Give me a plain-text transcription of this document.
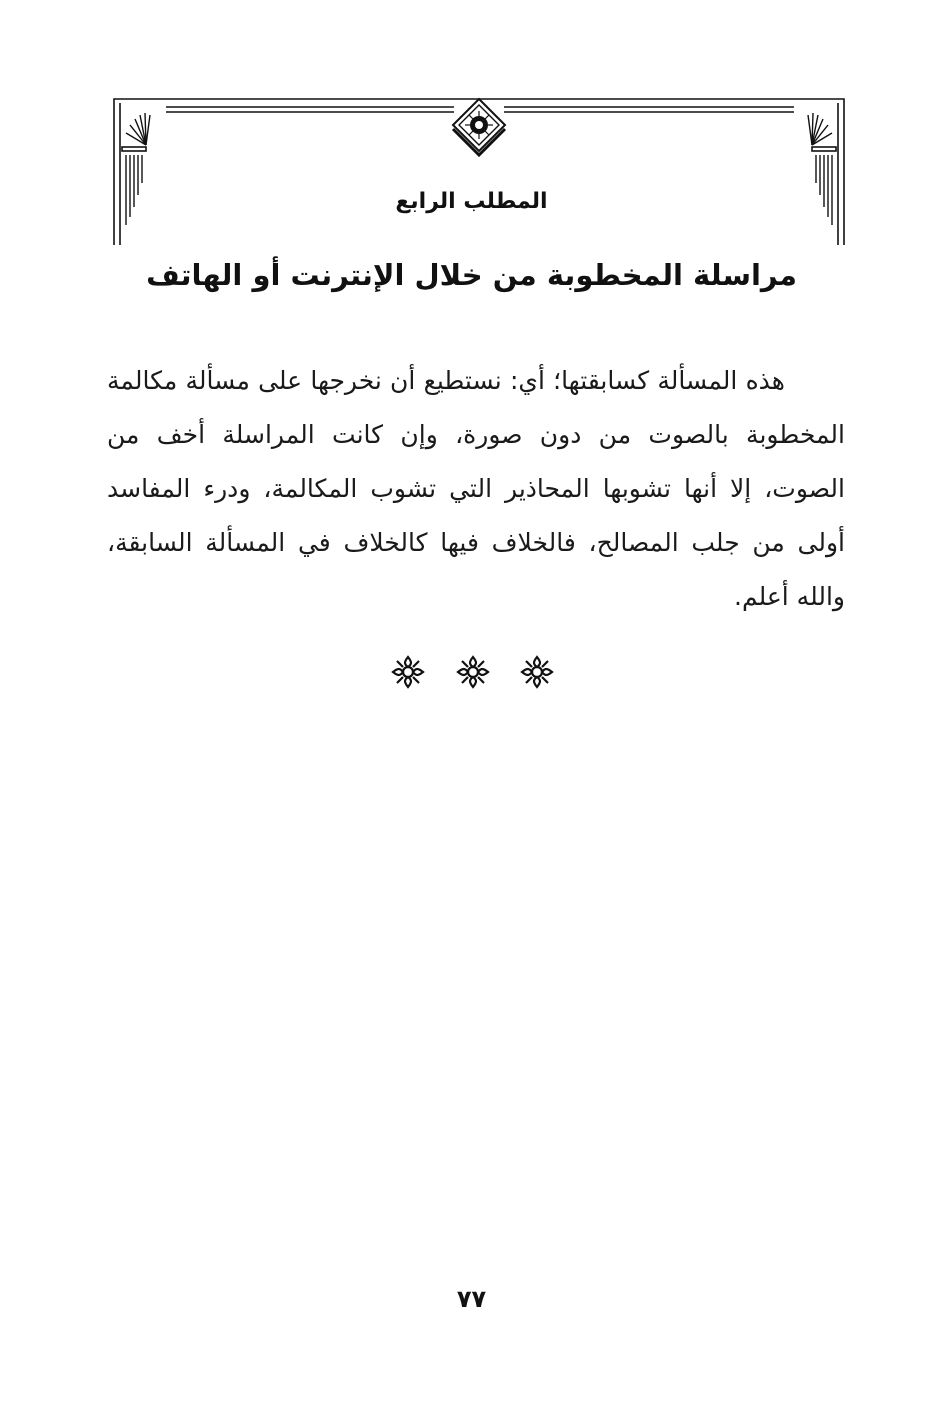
المطلب الرابع
مراسلة المخطوبة من خلال الإنترنت أو الهاتف

هذه المسألة كسابقتها؛ أي: نستطيع أن نخرجها على مسألة مكالمة المخطوبة بالصوت من دون صورة، وإن كانت المراسلة أخف من الصوت، إلا أنها تشوبها المحاذير التي تشوب المكالمة، ودرء المفاسد أولى من جلب المصالح، فالخلاف فيها كالخلاف في المسألة السابقة، والله أعلم.

٧٧
